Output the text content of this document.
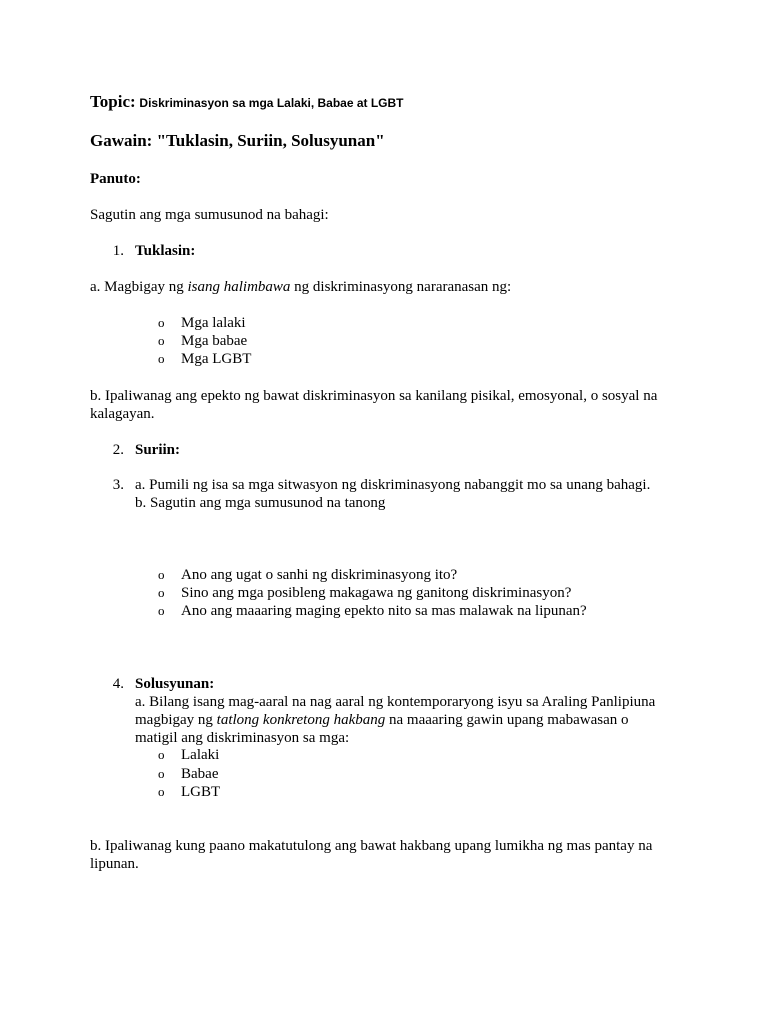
Topic: Diskriminasyon sa mga Lalaki, Babae at LGBT
Gawain: "Tuklasin, Suriin, Solusyunan"
Panuto:
Sagutin ang mga sumusunod na bahagi:
1. Tuklasin:
a. Magbigay ng isang halimbawa ng diskriminasyong nararanasan ng:
o Mga lalaki
o Mga babae
o Mga LGBT
b. Ipaliwanag ang epekto ng bawat diskriminasyon sa kanilang pisikal, emosyonal, o sosyal na
kalagayan.
2. Suriin:
3. a. Pumili ng isa sa mga sitwasyon ng diskriminasyong nabanggit mo sa unang bahagi.
b. Sagutin ang mga sumusunod na tanong
o Ano ang ugat o sanhi ng diskriminasyong ito?
o Sino ang mga posibleng makagawa ng ganitong diskriminasyon?
o Ano ang maaaring maging epekto nito sa mas malawak na lipunan?
4. Solusyunan:
a. Bilang isang mag-aaral na nag aaral ng kontemporaryong isyu sa Araling Panlipiuna
magbigay ng tatlong konkretong hakbang na maaaring gawin upang mabawasan o
matigil ang diskriminasyon sa mga:
o Lalaki
o Babae
o LGBT
b. Ipaliwanag kung paano makatutulong ang bawat hakbang upang lumikha ng mas pantay na
lipunan.
